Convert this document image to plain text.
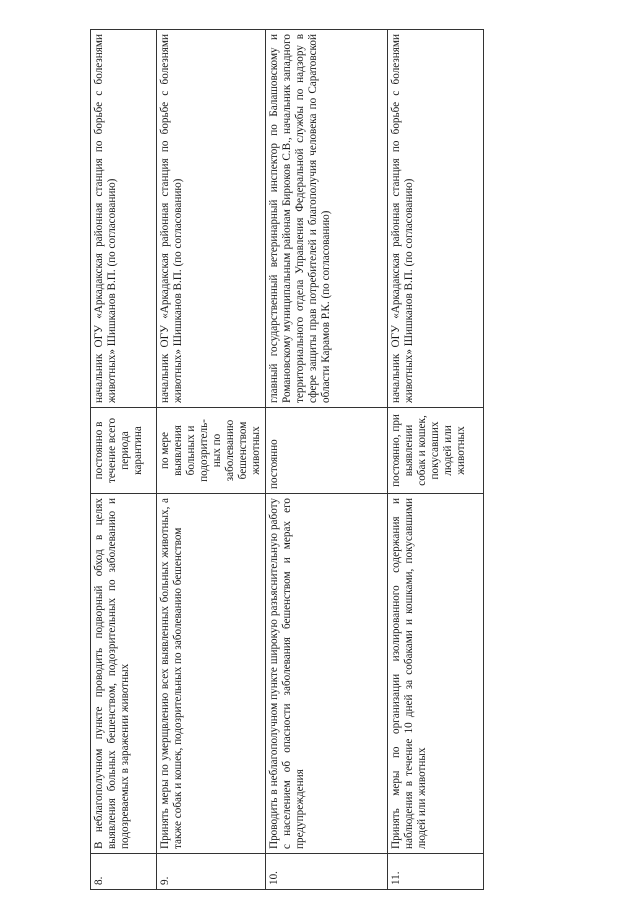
8.	В неблагополучном пункте проводить подворный обход в целях выявления больных бешенством, подозрительных по заболеванию и подозреваемых в заражении животных	постоянно в течение всего периода карантина	начальник ОГУ «Аркадакская районная станция по борьбе с болезнями животных» Шишканов В.П. (по согласованию)
9.	Принять меры по умерщвлению всех выявленных больных животных, а также собак и кошек, подозрительных по заболеванию бешенством	по мере выявления больных и подозритель-ных по заболеванию бешенством животных	начальник ОГУ «Аркадакская районная станция по борьбе с болезнями животных» Шишканов В.П. (по согласованию)
10.	Проводить в неблагополучном пункте широкую разъяснительную работу с населением об опасности заболевания бешенством и мерах его предупреждения	постоянно	главный государственный ветеринарный инспектор по Балашовскому и Романовскому муниципальным районам Бирюков С.В., начальник западного территориального отдела Управления Федеральной службы по надзору в сфере защиты прав потребителей и благополучия человека по Саратовской области Карамов Р.К. (по согласованию)
11.	Принять меры по организации изолированного содержания и наблюдения в течение 10 дней за собаками и кошками, покусавшими людей или животных	постоянно, при выявлении собак и кошек, покусавших людей или животных	начальник ОГУ «Аркадакская районная станция по борьбе с болезнями животных» Шишканов В.П. (по согласованию)
